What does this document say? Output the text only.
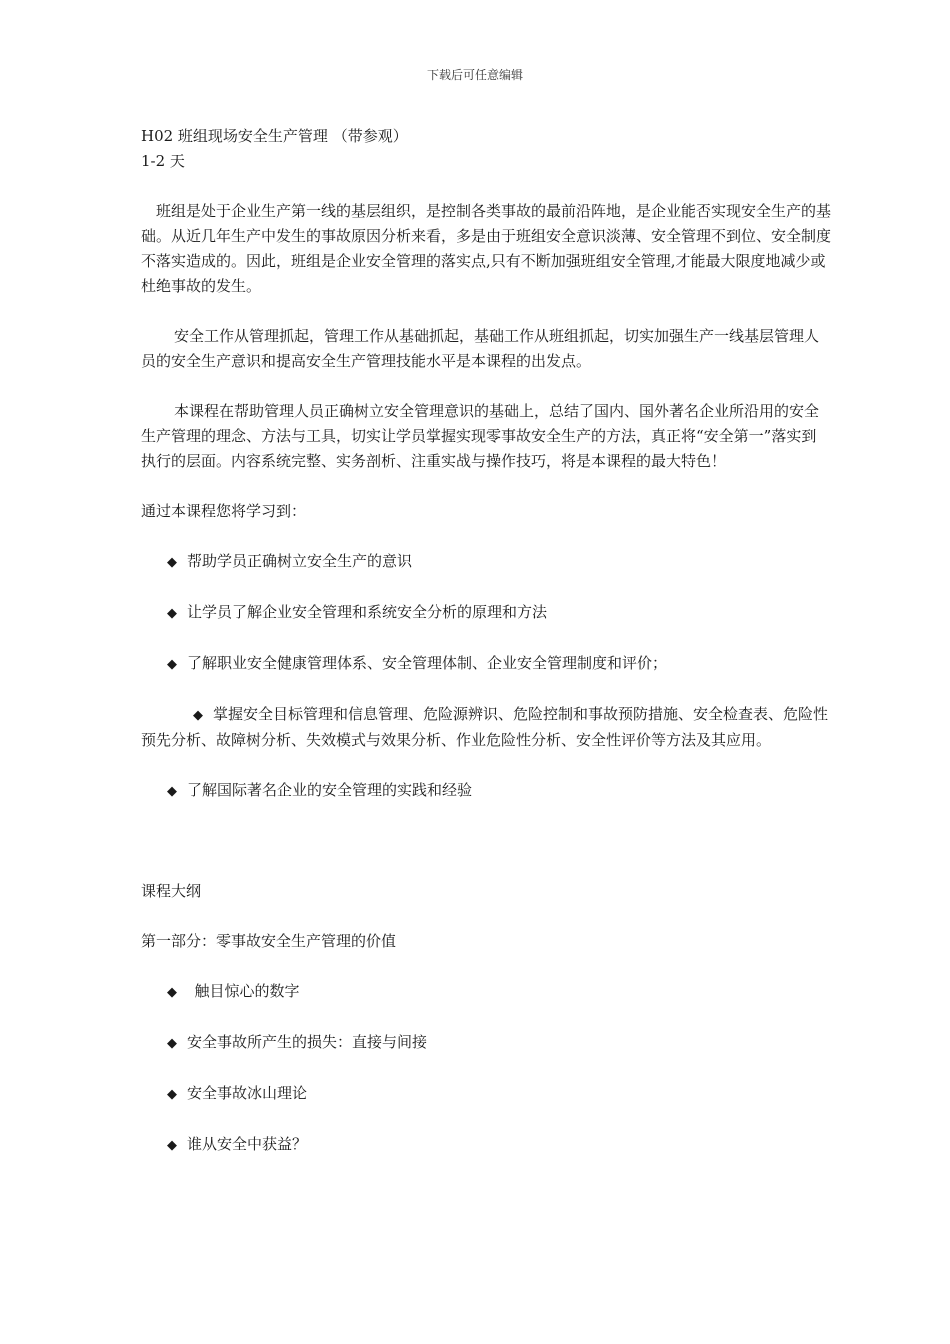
下载后可任意编辑

H02 班组现场安全生产管理 （带参观）

1-2 天

班组是处于企业生产第一线的基层组织，是控制各类事故的最前沿阵地，是企业能否实现安全生产的基础。从近几年生产中发生的事故原因分析来看，多是由于班组安全意识淡薄、安全管理不到位、安全制度不落实造成的。因此，班组是企业安全管理的落实点,只有不断加强班组安全管理,才能最大限度地减少或杜绝事故的发生。

安全工作从管理抓起，管理工作从基础抓起，基础工作从班组抓起，切实加强生产一线基层管理人员的安全生产意识和提高安全生产管理技能水平是本课程的出发点。

本课程在帮助管理人员正确树立安全管理意识的基础上，总结了国内、国外著名企业所沿用的安全生产管理的理念、方法与工具，切实让学员掌握实现零事故安全生产的方法，真正将“安全第一”落实到执行的层面。内容系统完整、实务剖析、注重实战与操作技巧，将是本课程的最大特色！

通过本课程您将学习到：

◆ 帮助学员正确树立安全生产的意识

◆ 让学员了解企业安全管理和系统安全分析的原理和方法

◆ 了解职业安全健康管理体系、安全管理体制、企业安全管理制度和评价；

◆ 掌握安全目标管理和信息管理、危险源辨识、危险控制和事故预防措施、安全检查表、危险性预先分析、故障树分析、失效模式与效果分析、作业危险性分析、安全性评价等方法及其应用。

◆ 了解国际著名企业的安全管理的实践和经验

课程大纲

第一部分：零事故安全生产管理的价值

◆  触目惊心的数字

◆ 安全事故所产生的损失：直接与间接

◆ 安全事故冰山理论

◆ 谁从安全中获益？
